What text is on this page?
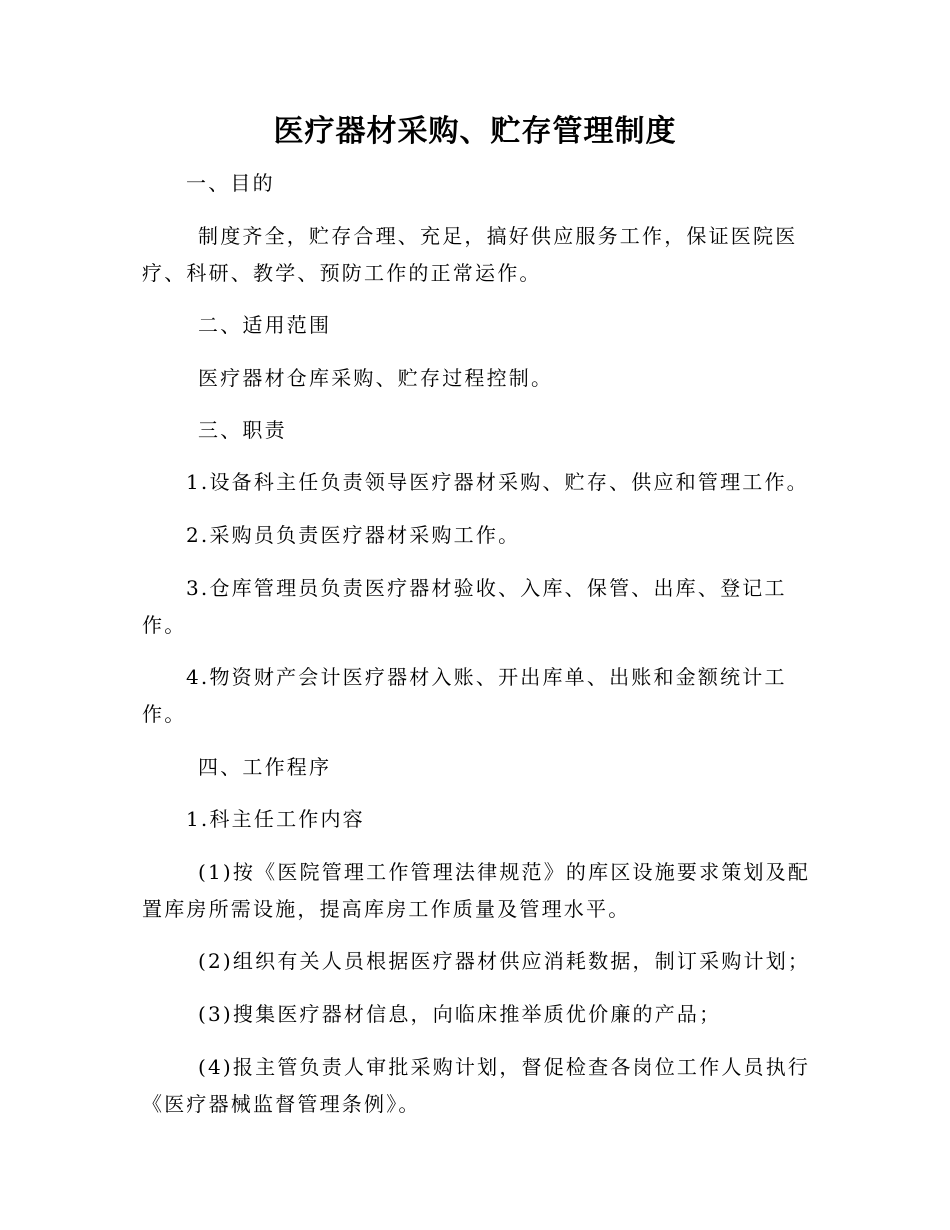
医疗器材采购、贮存管理制度

一、目的

制度齐全，贮存合理、充足，搞好供应服务工作，保证医院医

疗、科研、教学、预防工作的正常运作。

二、适用范围

医疗器材仓库采购、贮存过程控制。

三、职责

1.设备科主任负责领导医疗器材采购、贮存、供应和管理工作。

2.采购员负责医疗器材采购工作。

3.仓库管理员负责医疗器材验收、入库、保管、出库、登记工

作。

4.物资财产会计医疗器材入账、开出库单、出账和金额统计工

作。

四、工作程序

1.科主任工作内容

(1)按《医院管理工作管理法律规范》的库区设施要求策划及配

置库房所需设施，提高库房工作质量及管理水平。

(2)组织有关人员根据医疗器材供应消耗数据，制订采购计划；

(3)搜集医疗器材信息，向临床推举质优价廉的产品；

(4)报主管负责人审批采购计划，督促检查各岗位工作人员执行

《医疗器械监督管理条例》。
